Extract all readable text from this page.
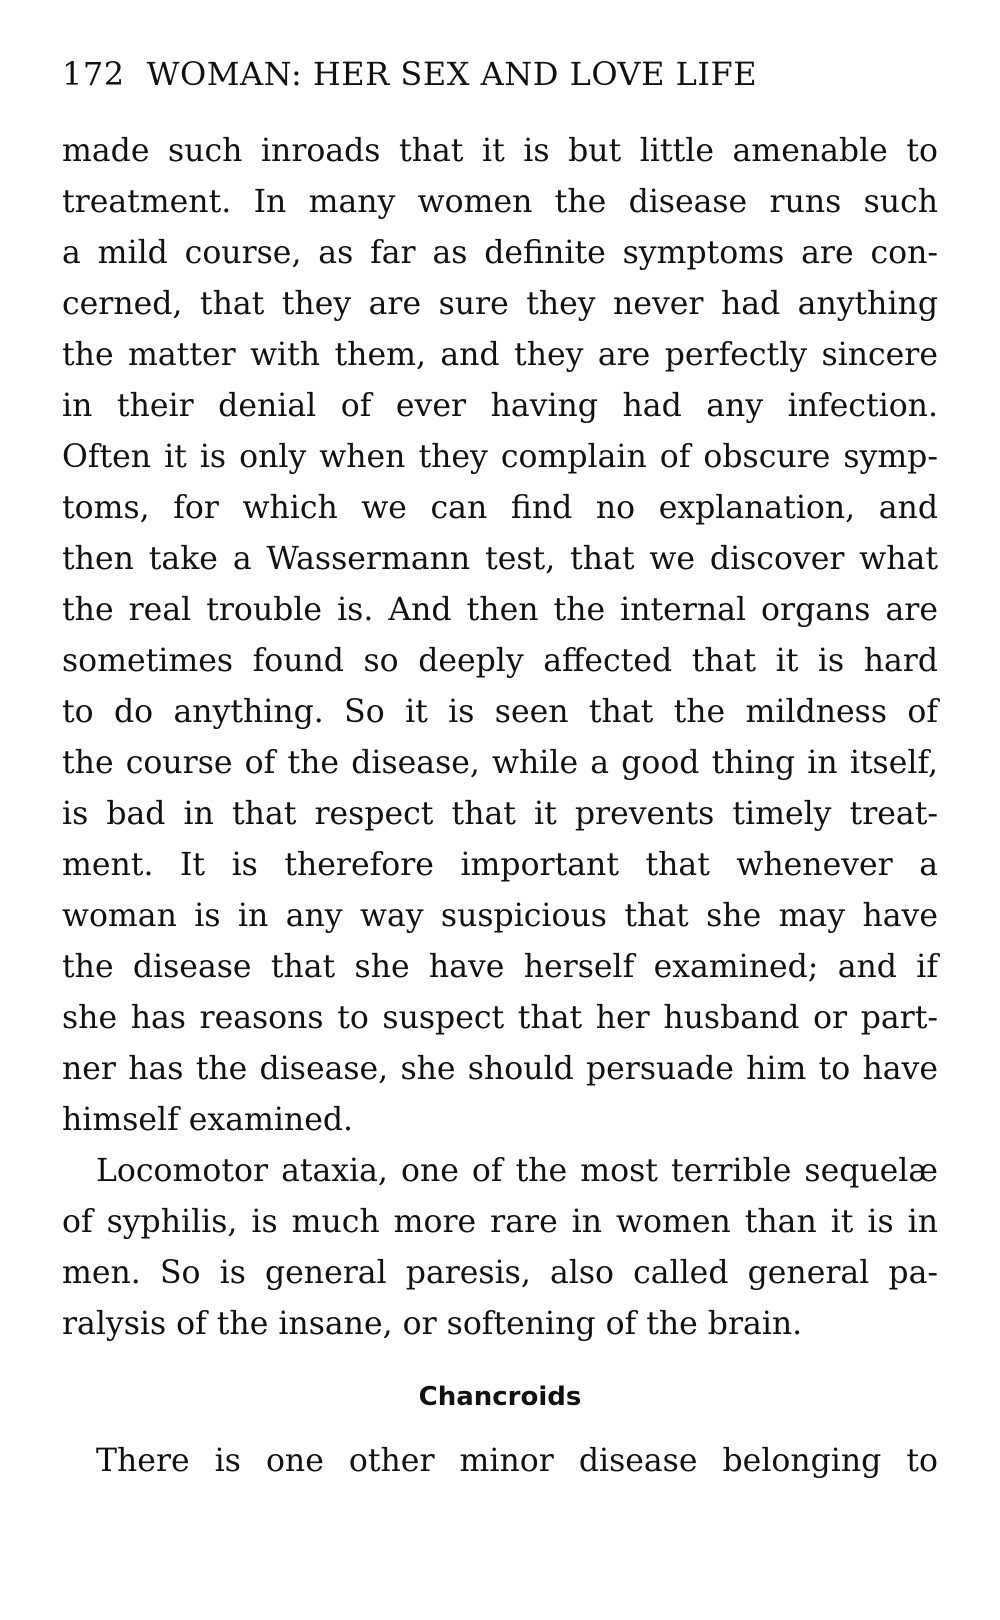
172 WOMAN: HER SEX AND LOVE LIFE
made such inroads that it is but little amenable to
treatment. In many women the disease runs such
a mild course, as far as definite symptoms are con-
cerned, that they are sure they never had anything
the matter with them, and they are perfectly sincere
in their denial of ever having had any infection.
Often it is only when they complain of obscure symp-
toms, for which we can find no explanation, and
then take a Wassermann test, that we discover what
the real trouble is. And then the internal organs are
sometimes found so deeply affected that it is hard
to do anything. So it is seen that the mildness of
the course of the disease, while a good thing in itself,
is bad in that respect that it prevents timely treat-
ment. It is therefore important that whenever a
woman is in any way suspicious that she may have
the disease that she have herself examined; and if
she has reasons to suspect that her husband or part-
ner has the disease, she should persuade him to have
himself examined.
Locomotor ataxia, one of the most terrible sequelæ
of syphilis, is much more rare in women than it is in
men. So is general paresis, also called general pa-
ralysis of the insane, or softening of the brain.
Chancroids
There is one other minor disease belonging to
